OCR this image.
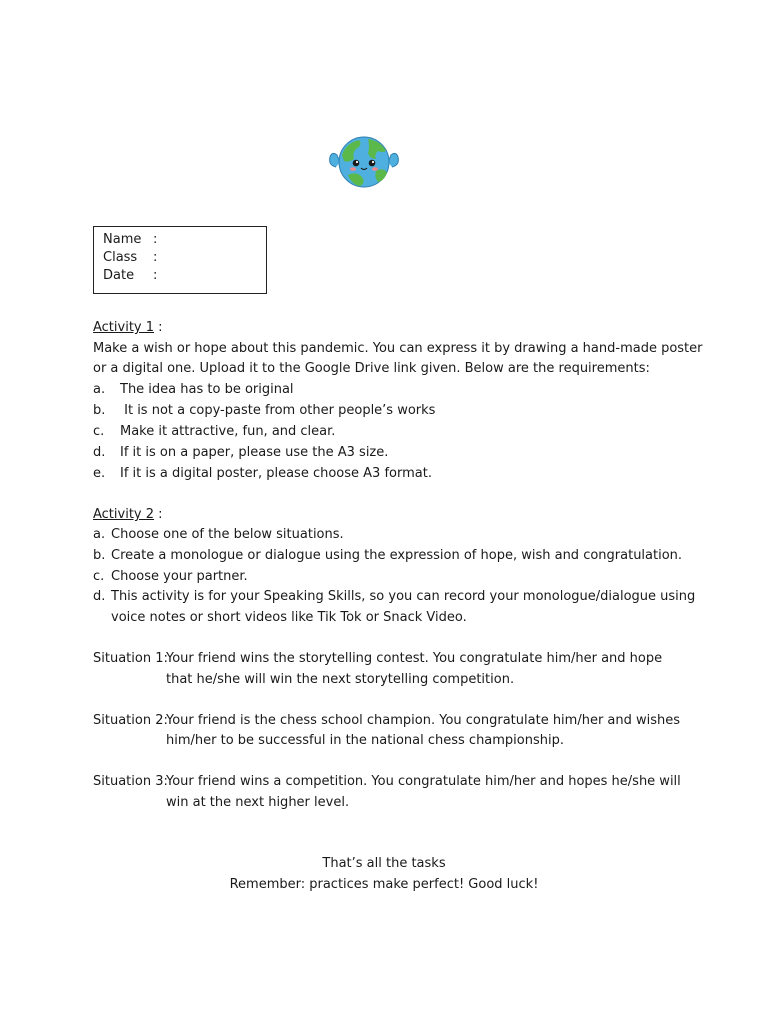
Name :
Class :
Date :
Activity 1 :
Make a wish or hope about this pandemic. You can express it by drawing a hand-made poster
or a digital one. Upload it to the Google Drive link given. Below are the requirements:
a. The idea has to be original
b. It is not a copy-paste from other people’s works
c. Make it attractive, fun, and clear.
d. If it is on a paper, please use the A3 size.
e. If it is a digital poster, please choose A3 format.
Activity 2 :
a. Choose one of the below situations.
b. Create a monologue or dialogue using the expression of hope, wish and congratulation.
c. Choose your partner.
d. This activity is for your Speaking Skills, so you can record your monologue/dialogue using
voice notes or short videos like Tik Tok or Snack Video.
Situation 1:Your friend wins the storytelling contest. You congratulate him/her and hope
that he/she will win the next storytelling competition.
Situation 2:Your friend is the chess school champion. You congratulate him/her and wishes
him/her to be successful in the national chess championship.
Situation 3:Your friend wins a competition. You congratulate him/her and hopes he/she will
win at the next higher level.
That’s all the tasks
Remember: practices make perfect! Good luck!
